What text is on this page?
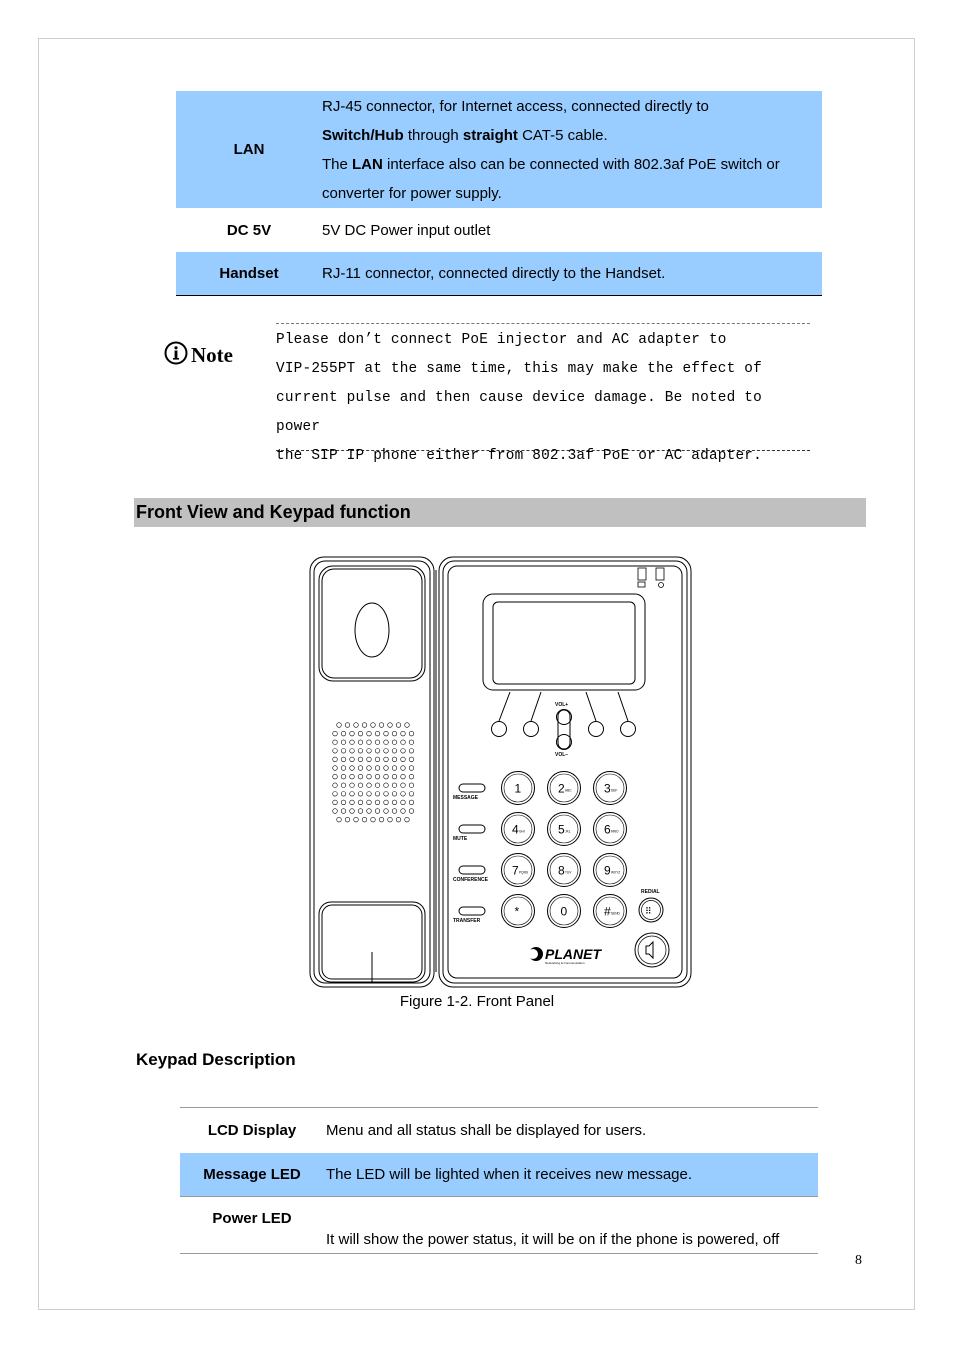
LAN	RJ-45 connector, for Internet access, connected directly to
Switch/Hub through straight CAT-5 cable.
The LAN interface also can be connected with 802.3af PoE switch or
converter for power supply.

DC 5V	5V DC Power input outlet
Handset	RJ-11 connector, connected directly to the Handset.
Note
Please don’t connect PoE injector and AC adapter to
VIP-255PT at the same time, this may make the effect of
current pulse and then cause device damage. Be noted to power
the SIP IP phone either from 802.3af PoE or AC adapter.
Front View and Keypad function
VOL+
VOL−
MESSAGE
MUTE
CONFERENCE
TRANSFER
1	2 ABC	3 DEF
4 GHI	5 JKL	6 MNO
7 PQRS 8 TUV	9 WXYZ
*	0	# SEND
REDIAL
⠿
PLANET
Networking & Communication
Figure 1-2. Front Panel
Keypad Description
LCD Display	Menu and all status shall be displayed for users.
Message LED	The LED will be lighted when it receives new message.
Power LED	It will show the power status, it will be on if the phone is powered, off
8
